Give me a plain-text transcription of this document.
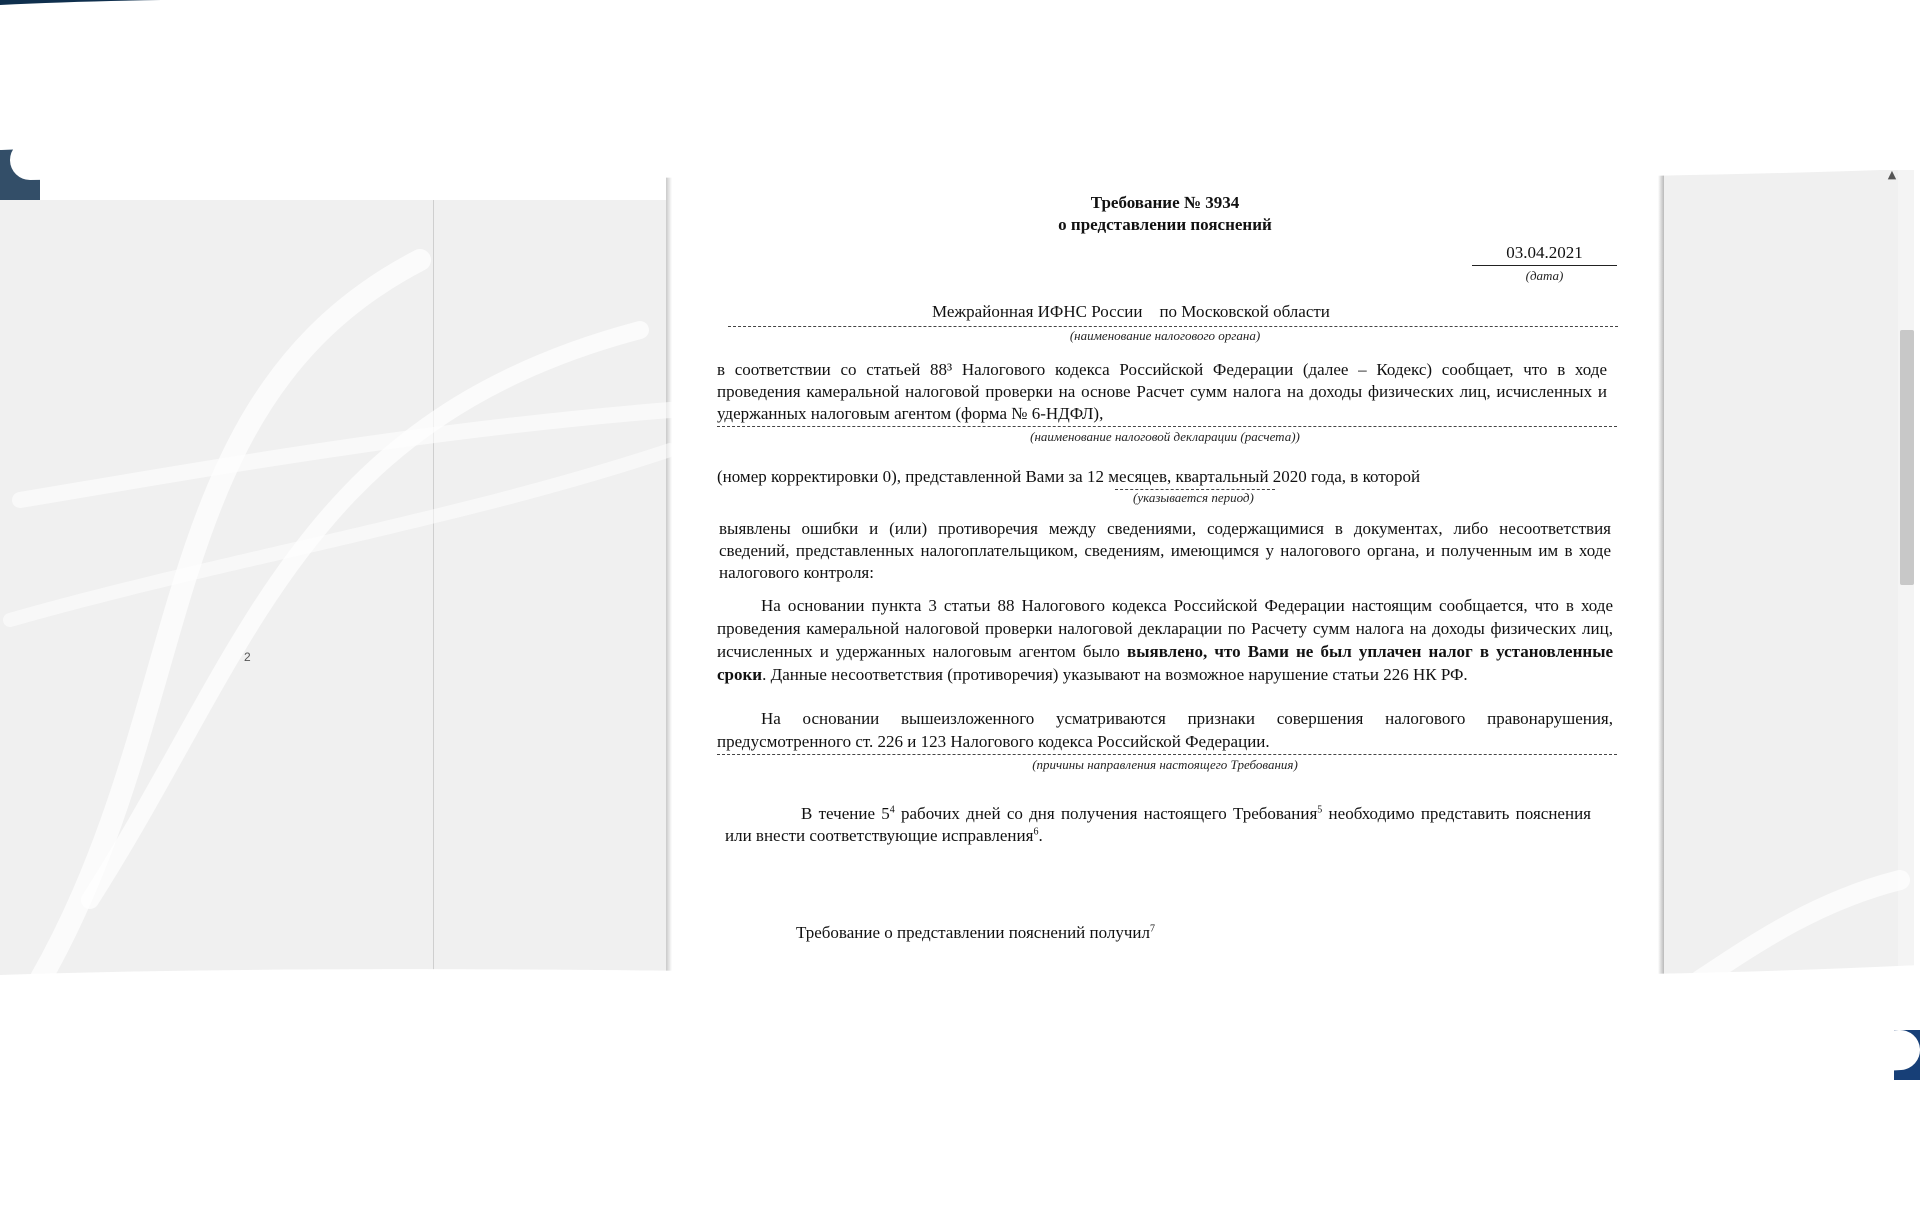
2
▲
✕
Требование № 3934
о представлении пояснений
03.04.2021
(дата)
Межрайонная ИФНС России по Московской области
(наименование налогового органа)
в соответствии со статьей 88³ Налогового кодекса Российской Федерации (далее – Кодекс) сообщает, что в ходе проведения камеральной налоговой проверки на основе Расчет сумм налога на доходы физических лиц, исчисленных и удержанных налоговым агентом (форма № 6-НДФЛ),
(наименование налоговой декларации (расчета))
(номер корректировки 0), представленной Вами за 12 месяцев, квартальный 2020 года, в которой
(указывается период)
выявлены ошибки и (или) противоречия между сведениями, содержащимися в документах, либо несоответствия сведений, представленных налогоплательщиком, сведениям, имеющимся у налогового органа, и полученным им в ходе налогового контроля:
На основании пункта 3 статьи 88 Налогового кодекса Российской Федерации настоящим сообщается, что в ходе проведения камеральной налоговой проверки налоговой декларации по Расчету сумм налога на доходы физических лиц, исчисленных и удержанных налоговым агентом было выявлено, что Вами не был уплачен налог в установленные сроки. Данные несоответствия (противоречия) указывают на возможное нарушение статьи 226 НК РФ.
На основании вышеизложенного усматриваются признаки совершения налогового правонарушения, предусмотренного ст. 226 и 123 Налогового кодекса Российской Федерации.
(причины направления настоящего Требования)
В течение $5^4$ рабочих дней со дня получения настоящего Требования$^5$ необходимо представить пояснения или внести соответствующие исправления$^6$.
Требование о представлении пояснений получил$^7$
